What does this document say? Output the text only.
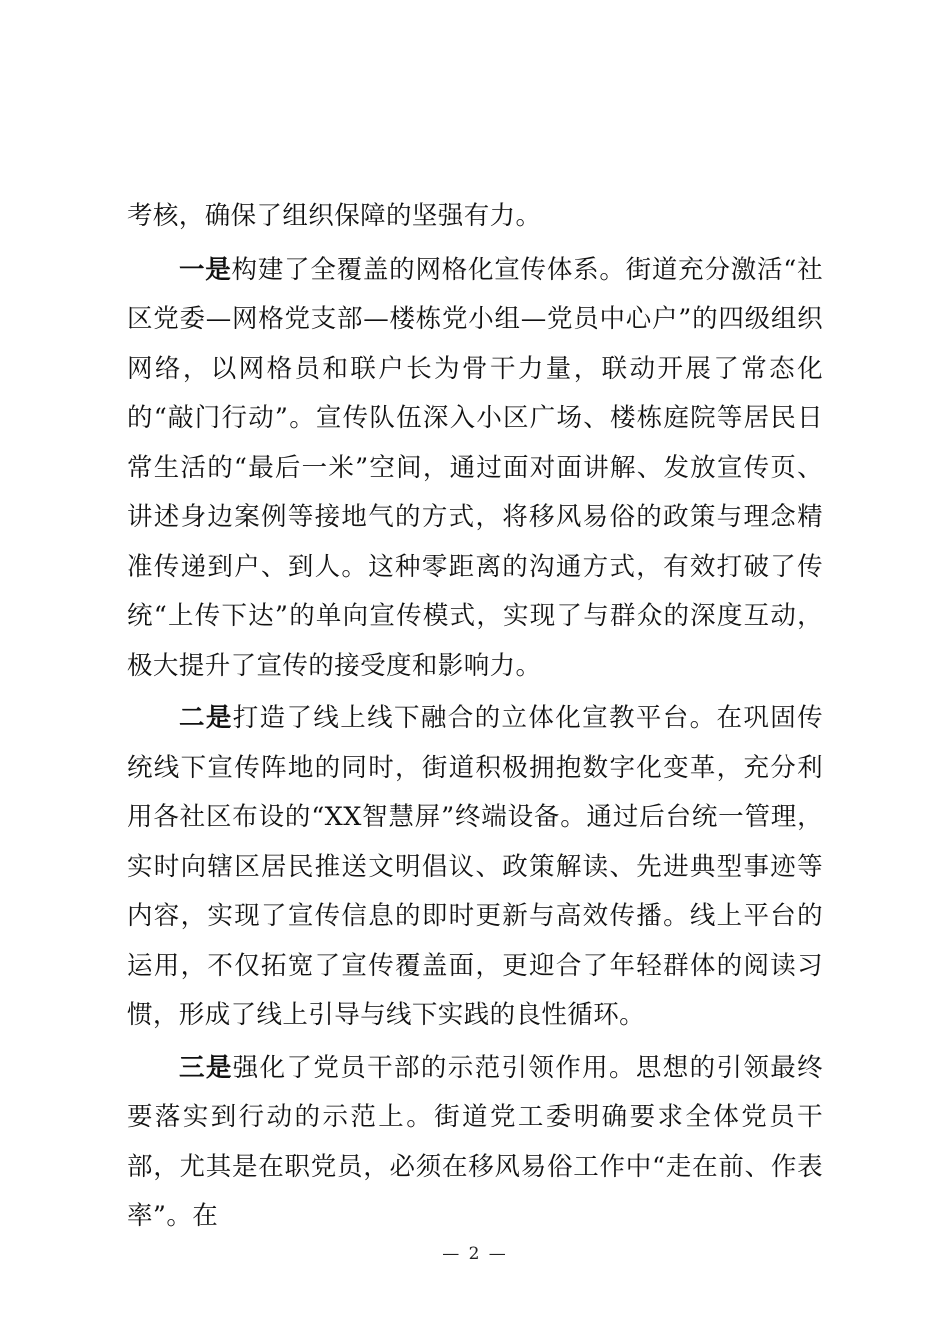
考核，确保了组织保障的坚强有力。

一是构建了全覆盖的网格化宣传体系。街道充分激活“社区党委—网格党支部—楼栋党小组—党员中心户”的四级组织网络，以网格员和联户长为骨干力量，联动开展了常态化的“敲门行动”。宣传队伍深入小区广场、楼栋庭院等居民日常生活的“最后一米”空间，通过面对面讲解、发放宣传页、讲述身边案例等接地气的方式，将移风易俗的政策与理念精准传递到户、到人。这种零距离的沟通方式，有效打破了传统“上传下达”的单向宣传模式，实现了与群众的深度互动，极大提升了宣传的接受度和影响力。

二是打造了线上线下融合的立体化宣教平台。在巩固传统线下宣传阵地的同时，街道积极拥抱数字化变革，充分利用各社区布设的“XX智慧屏”终端设备。通过后台统一管理，实时向辖区居民推送文明倡议、政策解读、先进典型事迹等内容，实现了宣传信息的即时更新与高效传播。线上平台的运用，不仅拓宽了宣传覆盖面，更迎合了年轻群体的阅读习惯，形成了线上引导与线下实践的良性循环。

三是强化了党员干部的示范引领作用。思想的引领最终要落实到行动的示范上。街道党工委明确要求全体党员干部，尤其是在职党员，必须在移风易俗工作中“走在前、作表率”。在

— 2 —
